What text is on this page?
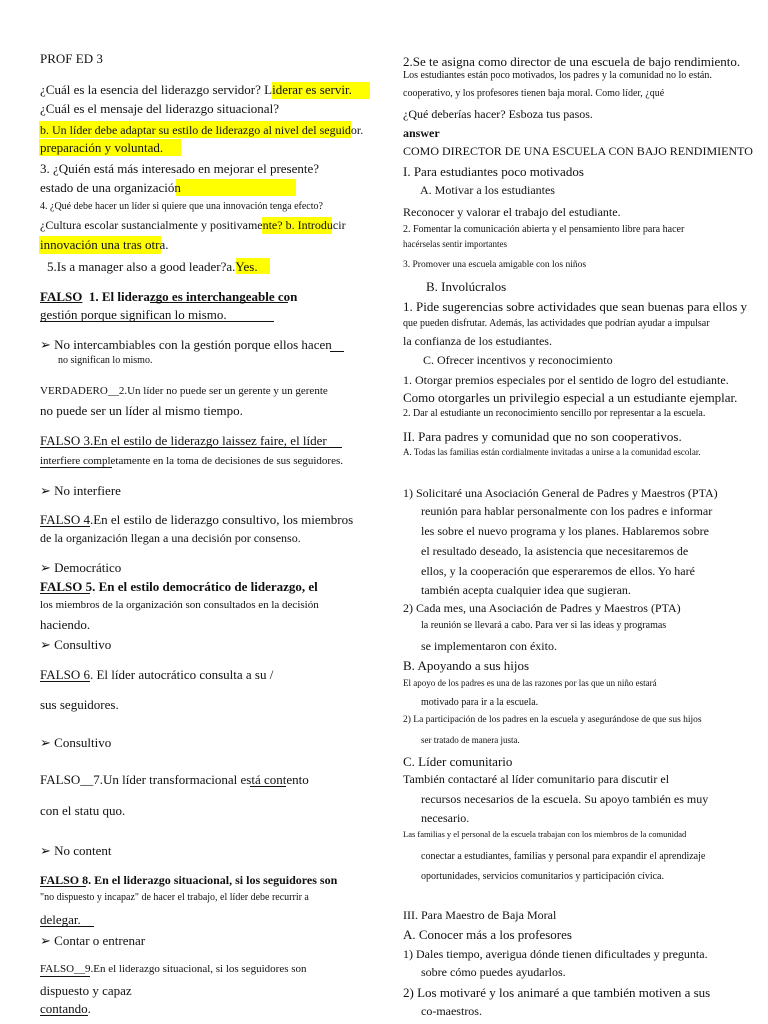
PROF ED 3
¿Cuál es la esencia del liderazgo servidor? Liderar es servir.
¿Cuál es el mensaje del liderazgo situacional?
b. Un líder debe adaptar su estilo de liderazgo al nivel del seguidor.
preparación y voluntad.
3. ¿Quién está más interesado en mejorar el presente?
estado de una organización
4. ¿Qué debe hacer un líder si quiere que una innovación tenga efecto?
¿Cultura escolar sustancialmente y positivamente? b. Introducir
innovación una tras otra.
5.Is a manager also a good leader?a.Yes.
FALSO 1. El liderazgo es interchangeable con
gestión porque significan lo mismo.
➢ No intercambiables con la gestión porque ellos hacen
no significan lo mismo.
VERDADERO__2.Un líder no puede ser un gerente y un gerente
no puede ser un líder al mismo tiempo.
FALSO 3.En el estilo de liderazgo laissez faire, el líder
interfiere completamente en la toma de decisiones de sus seguidores.
➢ No interfiere
FALSO 4.En el estilo de liderazgo consultivo, los miembros
de la organización llegan a una decisión por consenso.
➢ Democrático
FALSO 5. En el estilo democrático de liderazgo, el
los miembros de la organización son consultados en la decisión
haciendo.
➢ Consultivo
FALSO 6. El líder autocrático consulta a su /
sus seguidores.
➢ Consultivo
FALSO__7.Un líder transformacional está contento
con el statu quo.
➢ No content
FALSO 8. En el liderazgo situacional, si los seguidores son
"no dispuesto y incapaz" de hacer el trabajo, el líder debe recurrir a
delegar.
➢ Contar o entrenar
FALSO__9.En el liderazgo situacional, si los seguidores son
dispuesto y capaz
contando.
2.Se te asigna como director de una escuela de bajo rendimiento.
Los estudiantes están poco motivados, los padres y la comunidad no lo están.
cooperativo, y los profesores tienen baja moral. Como líder, ¿qué
¿Qué deberías hacer? Esboza tus pasos.
answer
COMO DIRECTOR DE UNA ESCUELA CON BAJO RENDIMIENTO
I. Para estudiantes poco motivados
A. Motivar a los estudiantes
Reconocer y valorar el trabajo del estudiante.
2. Fomentar la comunicación abierta y el pensamiento libre para hacer
hacérselas sentir importantes
3. Promover una escuela amigable con los niños
B. Involúcralos
1. Pide sugerencias sobre actividades que sean buenas para ellos y
que pueden disfrutar. Además, las actividades que podrían ayudar a impulsar
la confianza de los estudiantes.
C. Ofrecer incentivos y reconocimiento
1. Otorgar premios especiales por el sentido de logro del estudiante.
Como otorgarles un privilegio especial a un estudiante ejemplar.
2. Dar al estudiante un reconocimiento sencillo por representar a la escuela.
II. Para padres y comunidad que no son cooperativos.
A. Todas las familias están cordialmente invitadas a unirse a la comunidad escolar.
1) Solicitaré una Asociación General de Padres y Maestros (PTA)
reunión para hablar personalmente con los padres e informar
les sobre el nuevo programa y los planes. Hablaremos sobre
el resultado deseado, la asistencia que necesitaremos de
ellos, y la cooperación que esperaremos de ellos. Yo haré
también acepta cualquier idea que sugieran.
2) Cada mes, una Asociación de Padres y Maestros (PTA)
la reunión se llevará a cabo. Para ver si las ideas y programas
se implementaron con éxito.
B. Apoyando a sus hijos
El apoyo de los padres es una de las razones por las que un niño estará
motivado para ir a la escuela.
2) La participación de los padres en la escuela y asegurándose de que sus hijos
ser tratado de manera justa.
C. Líder comunitario
También contactaré al líder comunitario para discutir el
recursos necesarios de la escuela. Su apoyo también es muy
necesario.
Las familias y el personal de la escuela trabajan con los miembros de la comunidad
conectar a estudiantes, familias y personal para expandir el aprendizaje
oportunidades, servicios comunitarios y participación cívica.
III. Para Maestro de Baja Moral
A. Conocer más a los profesores
1) Dales tiempo, averigua dónde tienen dificultades y pregunta.
sobre cómo puedes ayudarlos.
2) Los motivaré y los animaré a que también motiven a sus
co-maestros.
